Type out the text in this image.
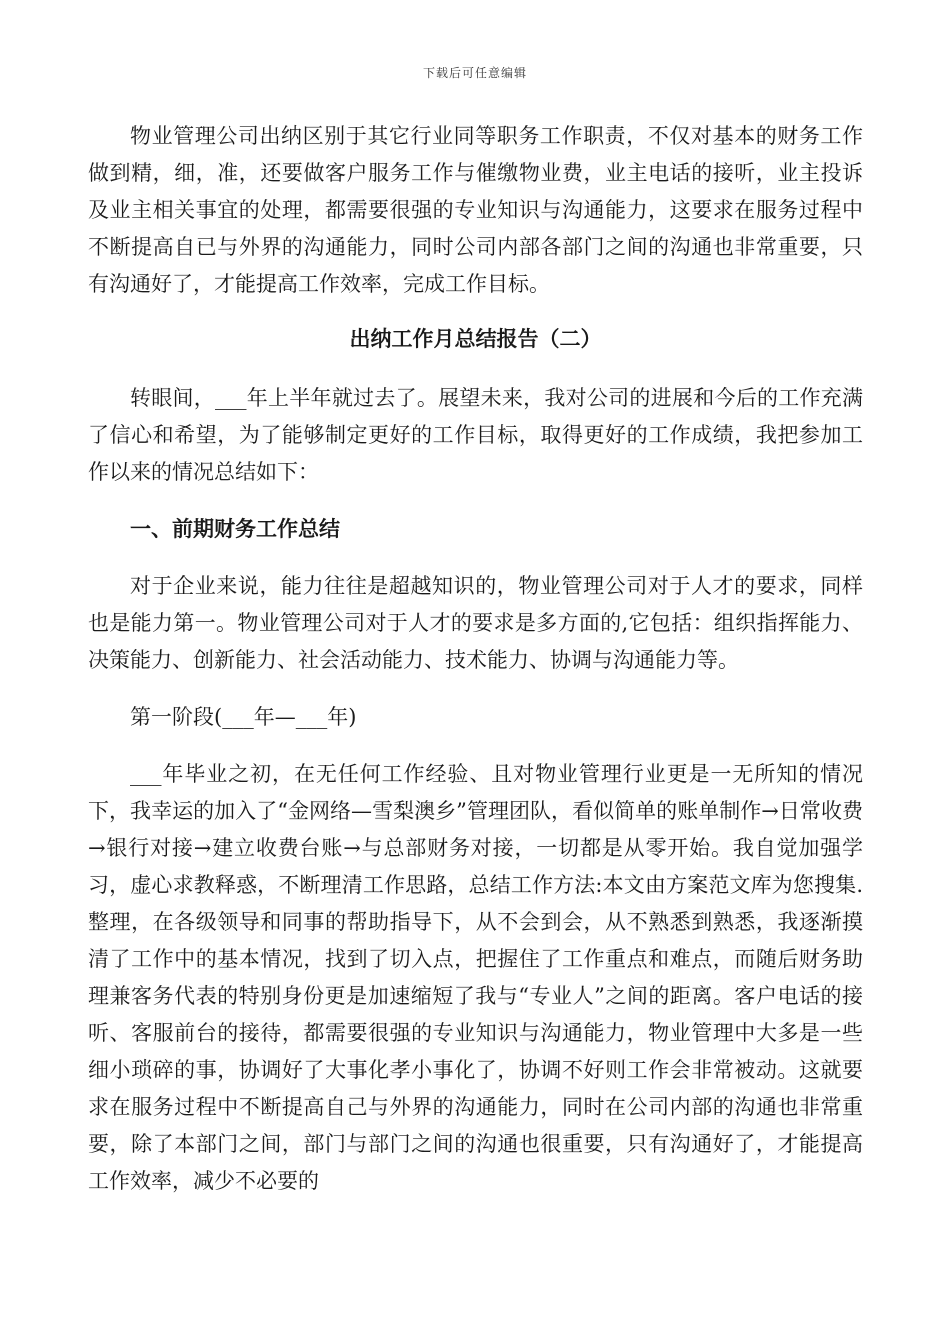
下载后可任意编辑

物业管理公司出纳区别于其它行业同等职务工作职责，不仅对基本的财务工作做到精，细，准，还要做客户服务工作与催缴物业费，业主电话的接听，业主投诉及业主相关事宜的处理，都需要很强的专业知识与沟通能力，这要求在服务过程中不断提高自已与外界的沟通能力，同时公司内部各部门之间的沟通也非常重要，只有沟通好了，才能提高工作效率，完成工作目标。

出纳工作月总结报告（二）

转眼间，___年上半年就过去了。展望未来，我对公司的进展和今后的工作充满了信心和希望，为了能够制定更好的工作目标，取得更好的工作成绩，我把参加工作以来的情况总结如下：

一、前期财务工作总结

对于企业来说，能力往往是超越知识的，物业管理公司对于人才的要求，同样也是能力第一。物业管理公司对于人才的要求是多方面的,它包括：组织指挥能力、决策能力、创新能力、社会活动能力、技术能力、协调与沟通能力等。

第一阶段(___年—___年)

___年毕业之初，在无任何工作经验、且对物业管理行业更是一无所知的情况下，我幸运的加入了“金网络—雪梨澳乡”管理团队，看似简单的账单制作→日常收费→银行对接→建立收费台账→与总部财务对接，一切都是从零开始。我自觉加强学习，虚心求教释惑，不断理清工作思路，总结工作方法:本文由方案范文库为您搜集.整理，在各级领导和同事的帮助指导下，从不会到会，从不熟悉到熟悉，我逐渐摸清了工作中的基本情况，找到了切入点，把握住了工作重点和难点，而随后财务助理兼客务代表的特别身份更是加速缩短了我与“专业人”之间的距离。客户电话的接听、客服前台的接待，都需要很强的专业知识与沟通能力，物业管理中大多是一些细小琐碎的事，协调好了大事化孝小事化了，协调不好则工作会非常被动。这就要求在服务过程中不断提高自己与外界的沟通能力，同时在公司内部的沟通也非常重要，除了本部门之间，部门与部门之间的沟通也很重要，只有沟通好了，才能提高工作效率，减少不必要的
